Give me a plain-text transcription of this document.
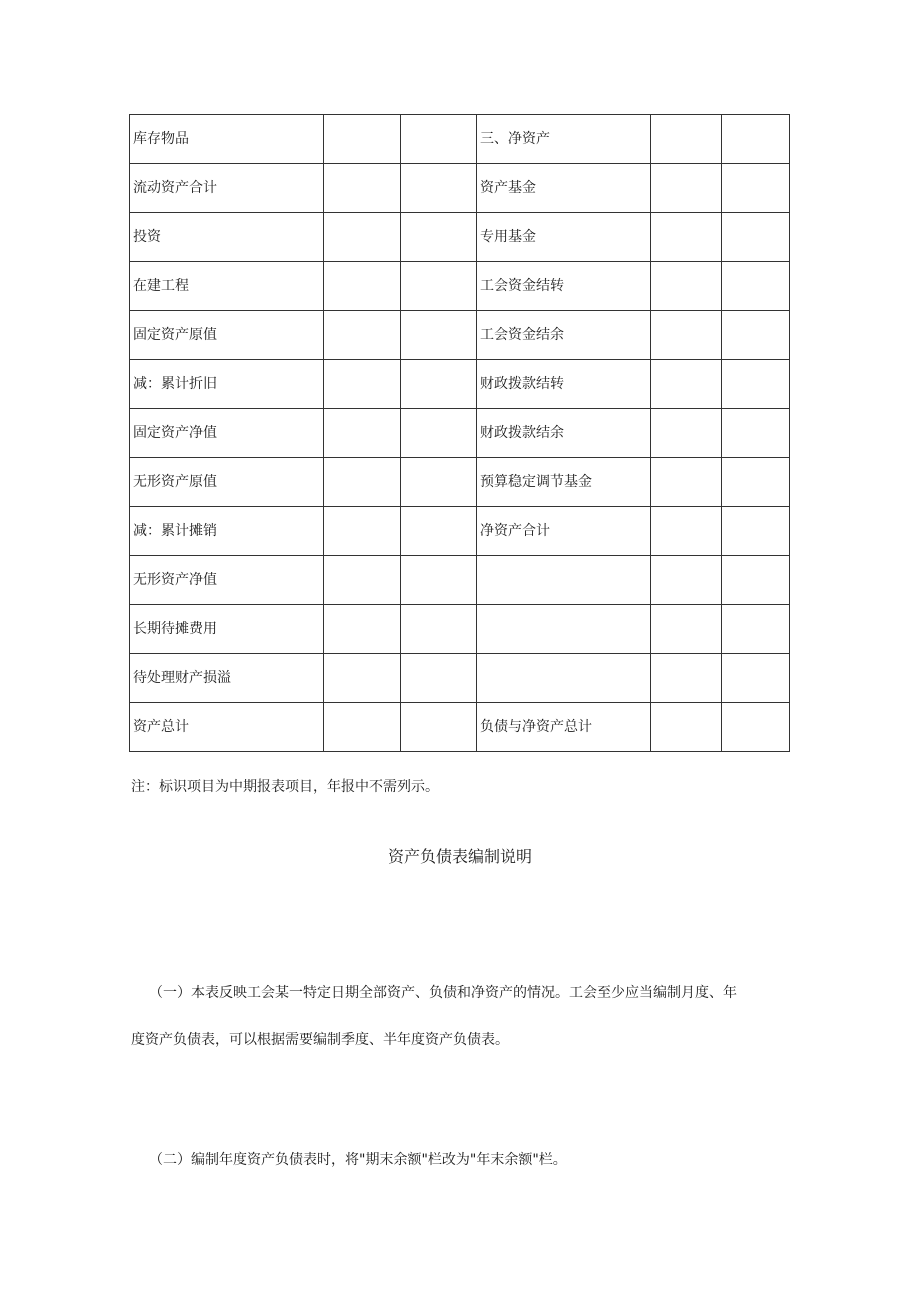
库存物品			三、净资产		
流动资产合计			资产基金		
投资			专用基金		
在建工程			工会资金结转		
固定资产原值			工会资金结余		
减：累计折旧			财政拨款结转		
固定资产净值			财政拨款结余		
无形资产原值			预算稳定调节基金		
减：累计摊销			净资产合计		
无形资产净值					
长期待摊费用					
待处理财产损溢					
资产总计			负债与净资产总计		
注：标识项目为中期报表项目，年报中不需列示。
资产负债表编制说明
（一）本表反映工会某一特定日期全部资产、负债和净资产的情况。工会至少应当编制月度、年
度资产负债表，可以根据需要编制季度、半年度资产负债表。
（二）编制年度资产负债表时，将"期末余额"栏改为"年末余额"栏。
